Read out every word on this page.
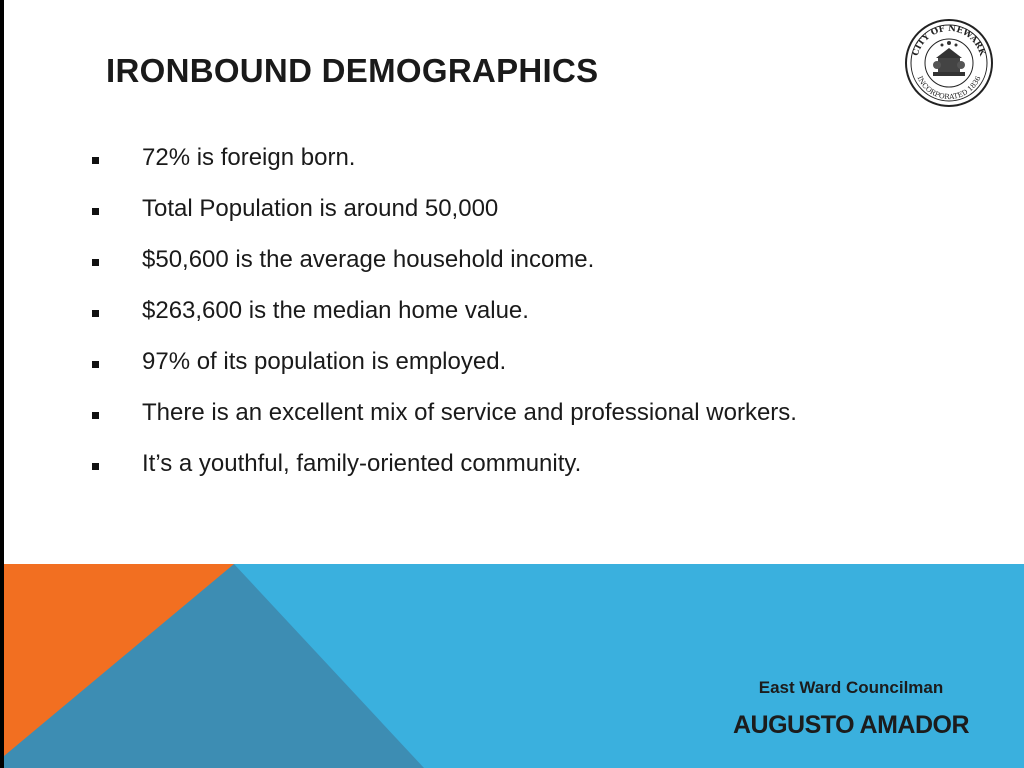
IRONBOUND DEMOGRAPHICS	CITY OF NEWARK
INCORPORATED 1836
72% is foreign born.
Total Population is around 50,000
$50,600 is the average household income.
$263,600 is the median home value.
97% of its population is employed.
There is an excellent mix of service and professional workers.
It’s a youthful, family-oriented community.
East Ward Councilman
AUGUSTO AMADOR
